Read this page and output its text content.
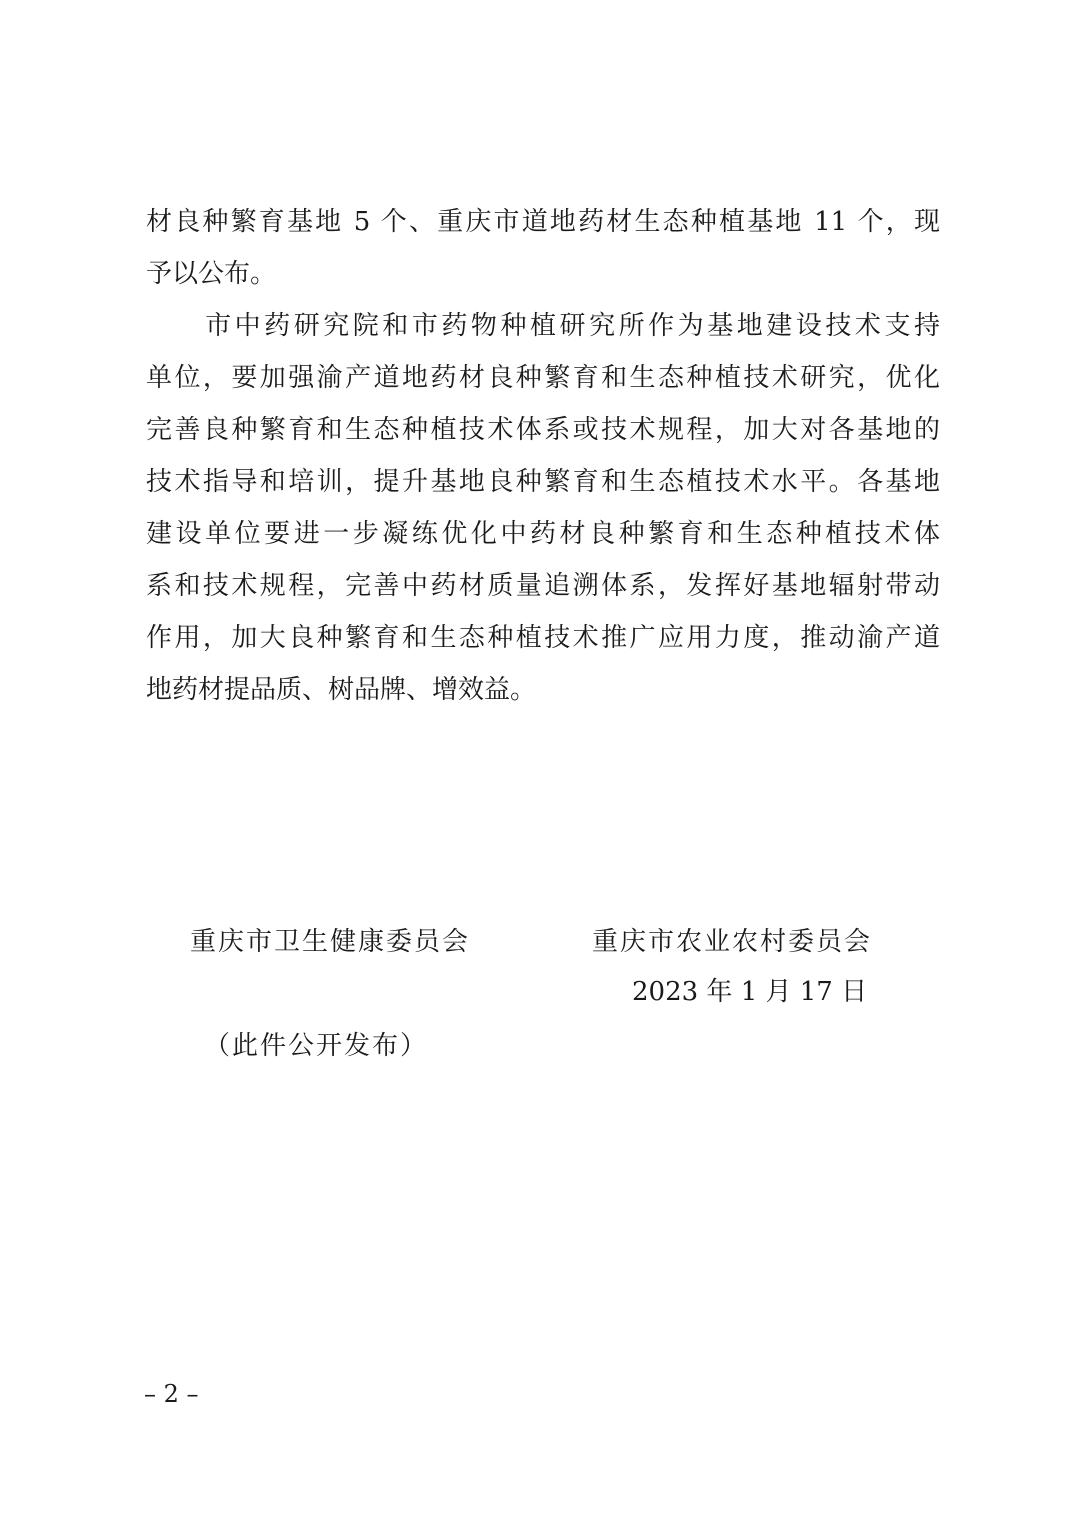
材良种繁育基地 5 个、重庆市道地药材生态种植基地 11 个，现
予以公布。
　　市中药研究院和市药物种植研究所作为基地建设技术支持
单位，要加强渝产道地药材良种繁育和生态种植技术研究，优化
完善良种繁育和生态种植技术体系或技术规程，加大对各基地的
技术指导和培训，提升基地良种繁育和生态植技术水平。各基地
建设单位要进一步凝练优化中药材良种繁育和生态种植技术体
系和技术规程，完善中药材质量追溯体系，发挥好基地辐射带动
作用，加大良种繁育和生态种植技术推广应用力度，推动渝产道
地药材提品质、树品牌、增效益。
重庆市卫生健康委员会	重庆市农业农村委员会
2023 年 1 月 17 日
（此件公开发布）
– 2 –
